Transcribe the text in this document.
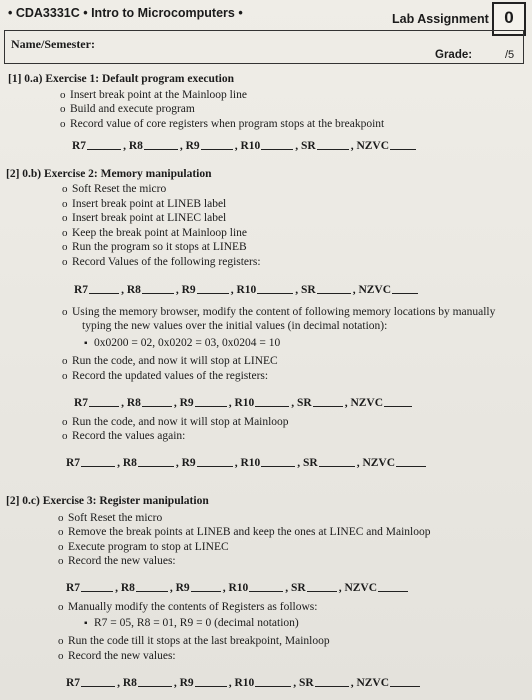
• CDA3331C • Intro to Microcomputers •	Lab Assignment 0
Name/Semester:
Grade:	/5
[1] 0.a) Exercise 1: Default program execution
o Insert break point at the Mainloop line
o Build and execute program
o Record value of core registers when program stops at the breakpoint
R7	, R8	, R9	, R10	, SR	, NZVC
[2] 0.b) Exercise 2: Memory manipulation
o Soft Reset the micro
o Insert break point at LINEB label
o Insert break point at LINEC label
o Keep the break point at Mainloop line
o Run the program so it stops at LINEB
o Record Values of the following registers:
R7	, R8	, R9	, R10	, SR	, NZVC
o Using the memory browser, modify the content of following memory locations by manually
typing the new values over the initial values (in decimal notation):
▪ 0x0200 = 02, 0x0202 = 03, 0x0204 = 10
o Run the code, and now it will stop at LINEC
o Record the updated values of the registers:
R7	, R8	, R9	, R10	, SR	, NZVC
o Run the code, and now it will stop at Mainloop
o Record the values again:
R7	, R8	, R9	, R10	, SR	, NZVC
[2] 0.c) Exercise 3: Register manipulation
o Soft Reset the micro
o Remove the break points at LINEB and keep the ones at LINEC and Mainloop
o Execute program to stop at LINEC
o Record the new values:
R7	, R8	, R9	, R10	, SR	, NZVC
o Manually modify the contents of Registers as follows:
▪ R7 = 05, R8 = 01, R9 = 0 (decimal notation)
o Run the code till it stops at the last breakpoint, Mainloop
o Record the new values:
R7	, R8	, R9	, R10	, SR	, NZVC
